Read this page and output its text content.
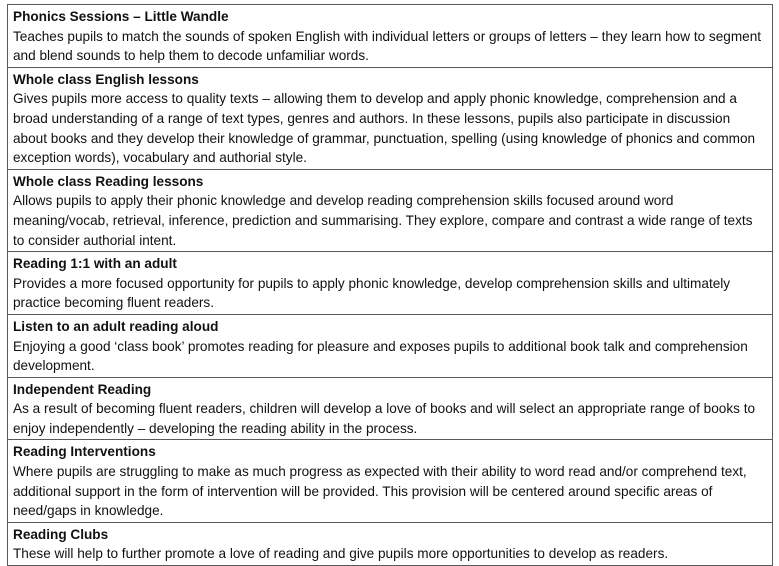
Phonics Sessions – Little Wandle
Teaches pupils to match the sounds of spoken English with individual letters or groups of letters – they learn how to segment and blend sounds to help them to decode unfamiliar words.
Whole class English lessons
Gives pupils more access to quality texts – allowing them to develop and apply phonic knowledge, comprehension and a broad understanding of a range of text types, genres and authors. In these lessons, pupils also participate in discussion about books and they develop their knowledge of grammar, punctuation, spelling (using knowledge of phonics and common exception words), vocabulary and authorial style.
Whole class Reading lessons
Allows pupils to apply their phonic knowledge and develop reading comprehension skills focused around word meaning/vocab, retrieval, inference, prediction and summarising. They explore, compare and contrast a wide range of texts to consider authorial intent.
Reading 1:1 with an adult
Provides a more focused opportunity for pupils to apply phonic knowledge, develop comprehension skills and ultimately practice becoming fluent readers.
Listen to an adult reading aloud
Enjoying a good ‘class book’ promotes reading for pleasure and exposes pupils to additional book talk and comprehension development.
Independent Reading
As a result of becoming fluent readers, children will develop a love of books and will select an appropriate range of books to enjoy independently – developing the reading ability in the process.
Reading Interventions
Where pupils are struggling to make as much progress as expected with their ability to word read and/or comprehend text, additional support in the form of intervention will be provided. This provision will be centered around specific areas of need/gaps in knowledge.
Reading Clubs
These will help to further promote a love of reading and give pupils more opportunities to develop as readers.
